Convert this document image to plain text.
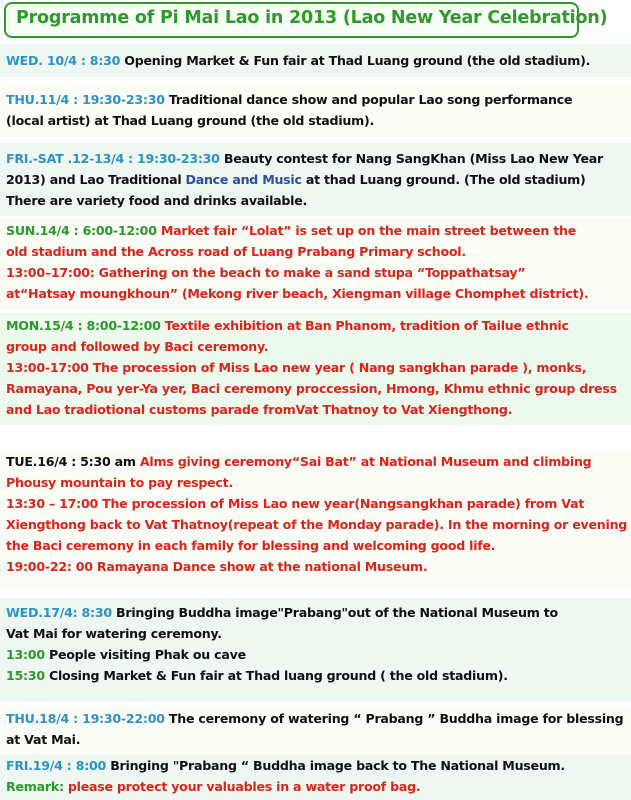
Programme of Pi Mai Lao in 2013 (Lao New Year Celebration)
WED. 10/4 : 8:30 Opening Market & Fun fair at Thad Luang ground (the old stadium).
THU.11/4 : 19:30-23:30 Traditional dance show and popular Lao song performance
(local artist) at Thad Luang ground (the old stadium).
FRI.-SAT .12-13/4 : 19:30-23:30 Beauty contest for Nang SangKhan (Miss Lao New Year
2013) and Lao Traditional Dance and Music at thad Luang ground. (The old stadium)
There are variety food and drinks available.
SUN.14/4 : 6:00-12:00 Market fair “Lolat” is set up on the main street between the
old stadium and the Across road of Luang Prabang Primary school.
13:00–17:00: Gathering on the beach to make a sand stupa “Toppathatsay”
at“Hatsay moungkhoun” (Mekong river beach, Xiengman village Chomphet district).
MON.15/4 : 8:00-12:00 Textile exhibition at Ban Phanom, tradition of Tailue ethnic
group and followed by Baci ceremony.
13:00-17:00 The procession of Miss Lao new year ( Nang sangkhan parade ), monks,
Ramayana, Pou yer-Ya yer, Baci ceremony proccession, Hmong, Khmu ethnic group dress
and Lao tradiotional customs parade fromVat Thatnoy to Vat Xiengthong.
TUE.16/4 : 5:30 am Alms giving ceremony“Sai Bat” at National Museum and climbing
Phousy mountain to pay respect.
13:30 – 17:00 The procession of Miss Lao new year(Nangsangkhan parade) from Vat
Xiengthong back to Vat Thatnoy(repeat of the Monday parade). In the morning or evening
the Baci ceremony in each family for blessing and welcoming good life.
19:00-22: 00 Ramayana Dance show at the national Museum.
WED.17/4: 8:30 Bringing Buddha image"Prabang"out of the National Museum to
Vat Mai for watering ceremony.
13:00 People visiting Phak ou cave
15:30 Closing Market & Fun fair at Thad luang ground ( the old stadium).
THU.18/4 : 19:30-22:00 The ceremony of watering “ Prabang ” Buddha image for blessing
at Vat Mai.
FRI.19/4 : 8:00 Bringing "Prabang “ Buddha image back to The National Museum.
Remark: please protect your valuables in a water proof bag.
